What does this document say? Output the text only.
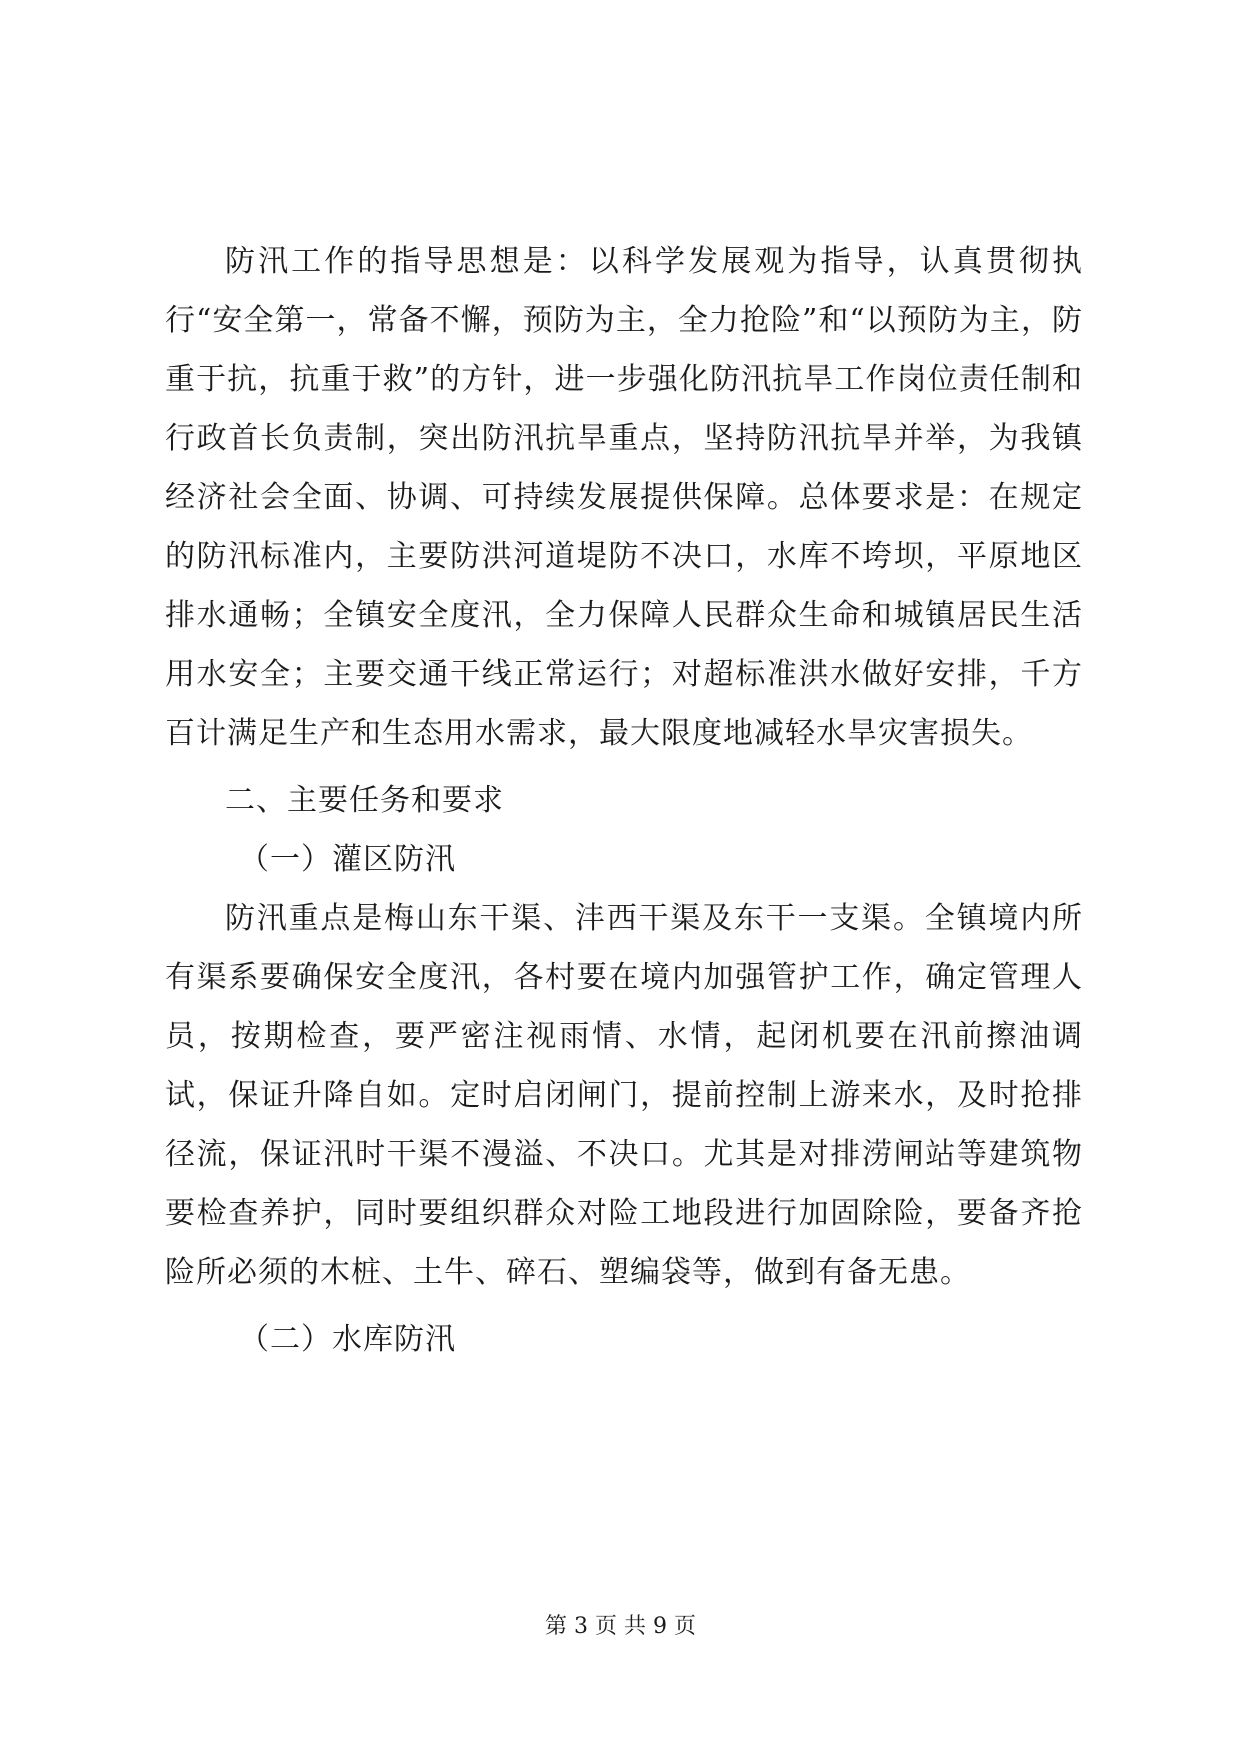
防汛工作的指导思想是：以科学发展观为指导，认真贯彻执行“安全第一，常备不懈，预防为主，全力抢险”和“以预防为主，防重于抗，抗重于救”的方针，进一步强化防汛抗旱工作岗位责任制和行政首长负责制，突出防汛抗旱重点，坚持防汛抗旱并举，为我镇经济社会全面、协调、可持续发展提供保障。总体要求是：在规定的防汛标准内，主要防洪河道堤防不决口，水库不垮坝，平原地区排水通畅；全镇安全度汛，全力保障人民群众生命和城镇居民生活用水安全；主要交通干线正常运行；对超标准洪水做好安排，千方百计满足生产和生态用水需求，最大限度地减轻水旱灾害损失。

二、主要任务和要求

（一）灌区防汛

防汛重点是梅山东干渠、沣西干渠及东干一支渠。全镇境内所有渠系要确保安全度汛，各村要在境内加强管护工作，确定管理人员，按期检查，要严密注视雨情、水情，起闭机要在汛前擦油调试，保证升降自如。定时启闭闸门，提前控制上游来水，及时抢排径流，保证汛时干渠不漫溢、不决口。尤其是对排涝闸站等建筑物要检查养护，同时要组织群众对险工地段进行加固除险，要备齐抢险所必须的木桩、土牛、碎石、塑编袋等，做到有备无患。

（二）水库防汛

第 3 页 共 9 页
